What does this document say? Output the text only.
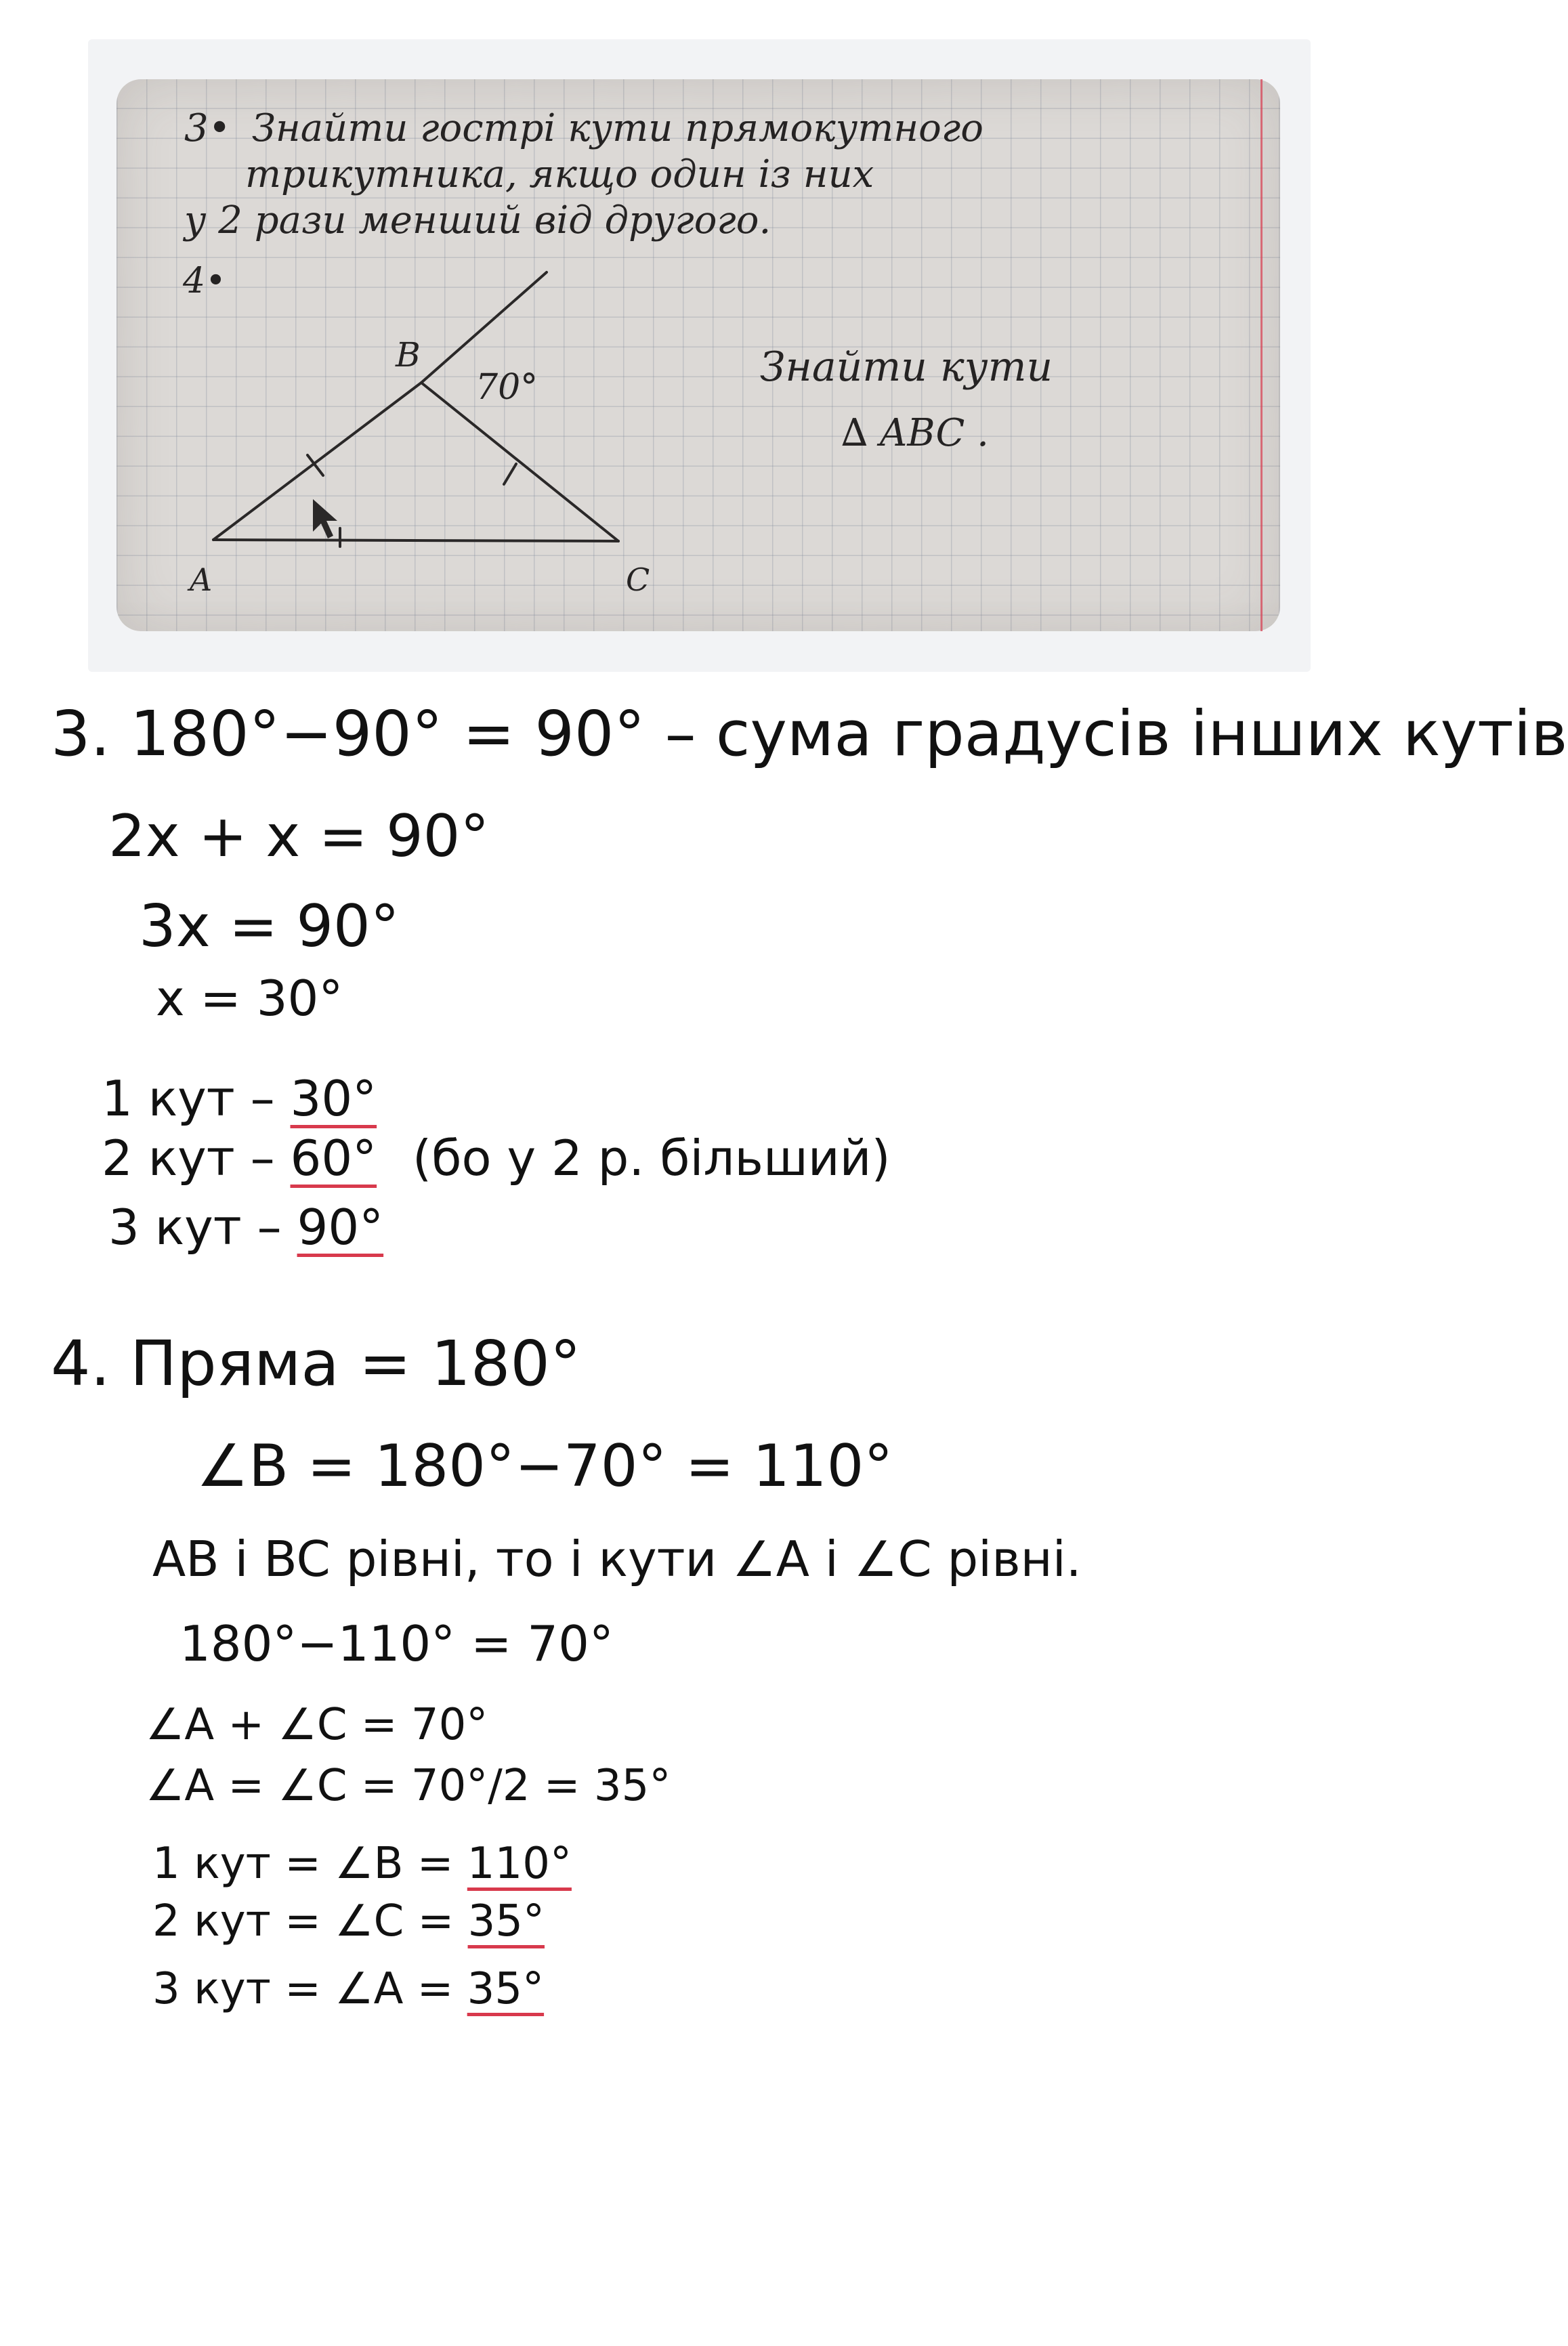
3• Знайти гострі кути прямокутного
трикутника, якщо один із них
у 2 рази менший від другого.
4•
B
70°
A	C
Знайти кути
∆ ABC .
3. 180°−90° = 90° – сума градусів інших кутів
2x + x = 90°
3x = 90°
x = 30°
1 кут – 30°
2 кут – 60° (бо у 2 р. більший)
3 кут – 90°
4. Пряма = 180°
∠B = 180°−70° = 110°
AB і BC рівні, то і кути ∠A і ∠C рівні.
180°−110° = 70°
∠A + ∠C = 70°
∠A = ∠C = 70°/2 = 35°
1 кут = ∠B = 110°
2 кут = ∠C = 35°
3 кут = ∠A = 35°
